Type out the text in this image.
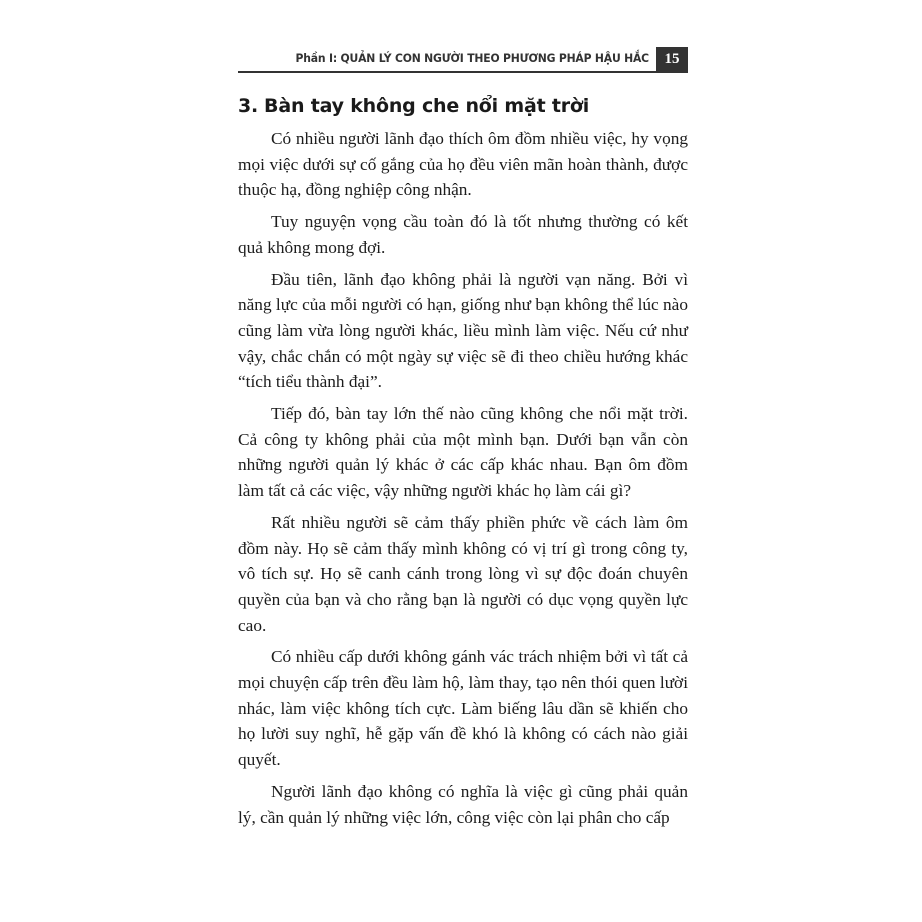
Phần I: QUẢN LÝ CON NGƯỜI THEO PHƯƠNG PHÁP HẬU HẮC	15
3. Bàn tay không che nổi mặt trời

Có nhiều người lãnh đạo thích ôm đồm nhiều việc, hy vọng mọi việc dưới sự cố gắng của họ đều viên mãn hoàn thành, được thuộc hạ, đồng nghiệp công nhận.

Tuy nguyện vọng cầu toàn đó là tốt nhưng thường có kết quả không mong đợi.

Đầu tiên, lãnh đạo không phải là người vạn năng. Bởi vì năng lực của mỗi người có hạn, giống như bạn không thể lúc nào cũng làm vừa lòng người khác, liều mình làm việc. Nếu cứ như vậy, chắc chắn có một ngày sự việc sẽ đi theo chiều hướng khác “tích tiểu thành đại”.

Tiếp đó, bàn tay lớn thế nào cũng không che nổi mặt trời. Cả công ty không phải của một mình bạn. Dưới bạn vẫn còn những người quản lý khác ở các cấp khác nhau. Bạn ôm đồm làm tất cả các việc, vậy những người khác họ làm cái gì?

Rất nhiều người sẽ cảm thấy phiền phức về cách làm ôm đồm này. Họ sẽ cảm thấy mình không có vị trí gì trong công ty, vô tích sự. Họ sẽ canh cánh trong lòng vì sự độc đoán chuyên quyền của bạn và cho rằng bạn là người có dục vọng quyền lực cao.

Có nhiều cấp dưới không gánh vác trách nhiệm bởi vì tất cả mọi chuyện cấp trên đều làm hộ, làm thay, tạo nên thói quen lười nhác, làm việc không tích cực. Làm biếng lâu dần sẽ khiến cho họ lười suy nghĩ, hễ gặp vấn đề khó là không có cách nào giải quyết.

Người lãnh đạo không có nghĩa là việc gì cũng phải quản lý, cần quản lý những việc lớn, công việc còn lại phân cho cấp
